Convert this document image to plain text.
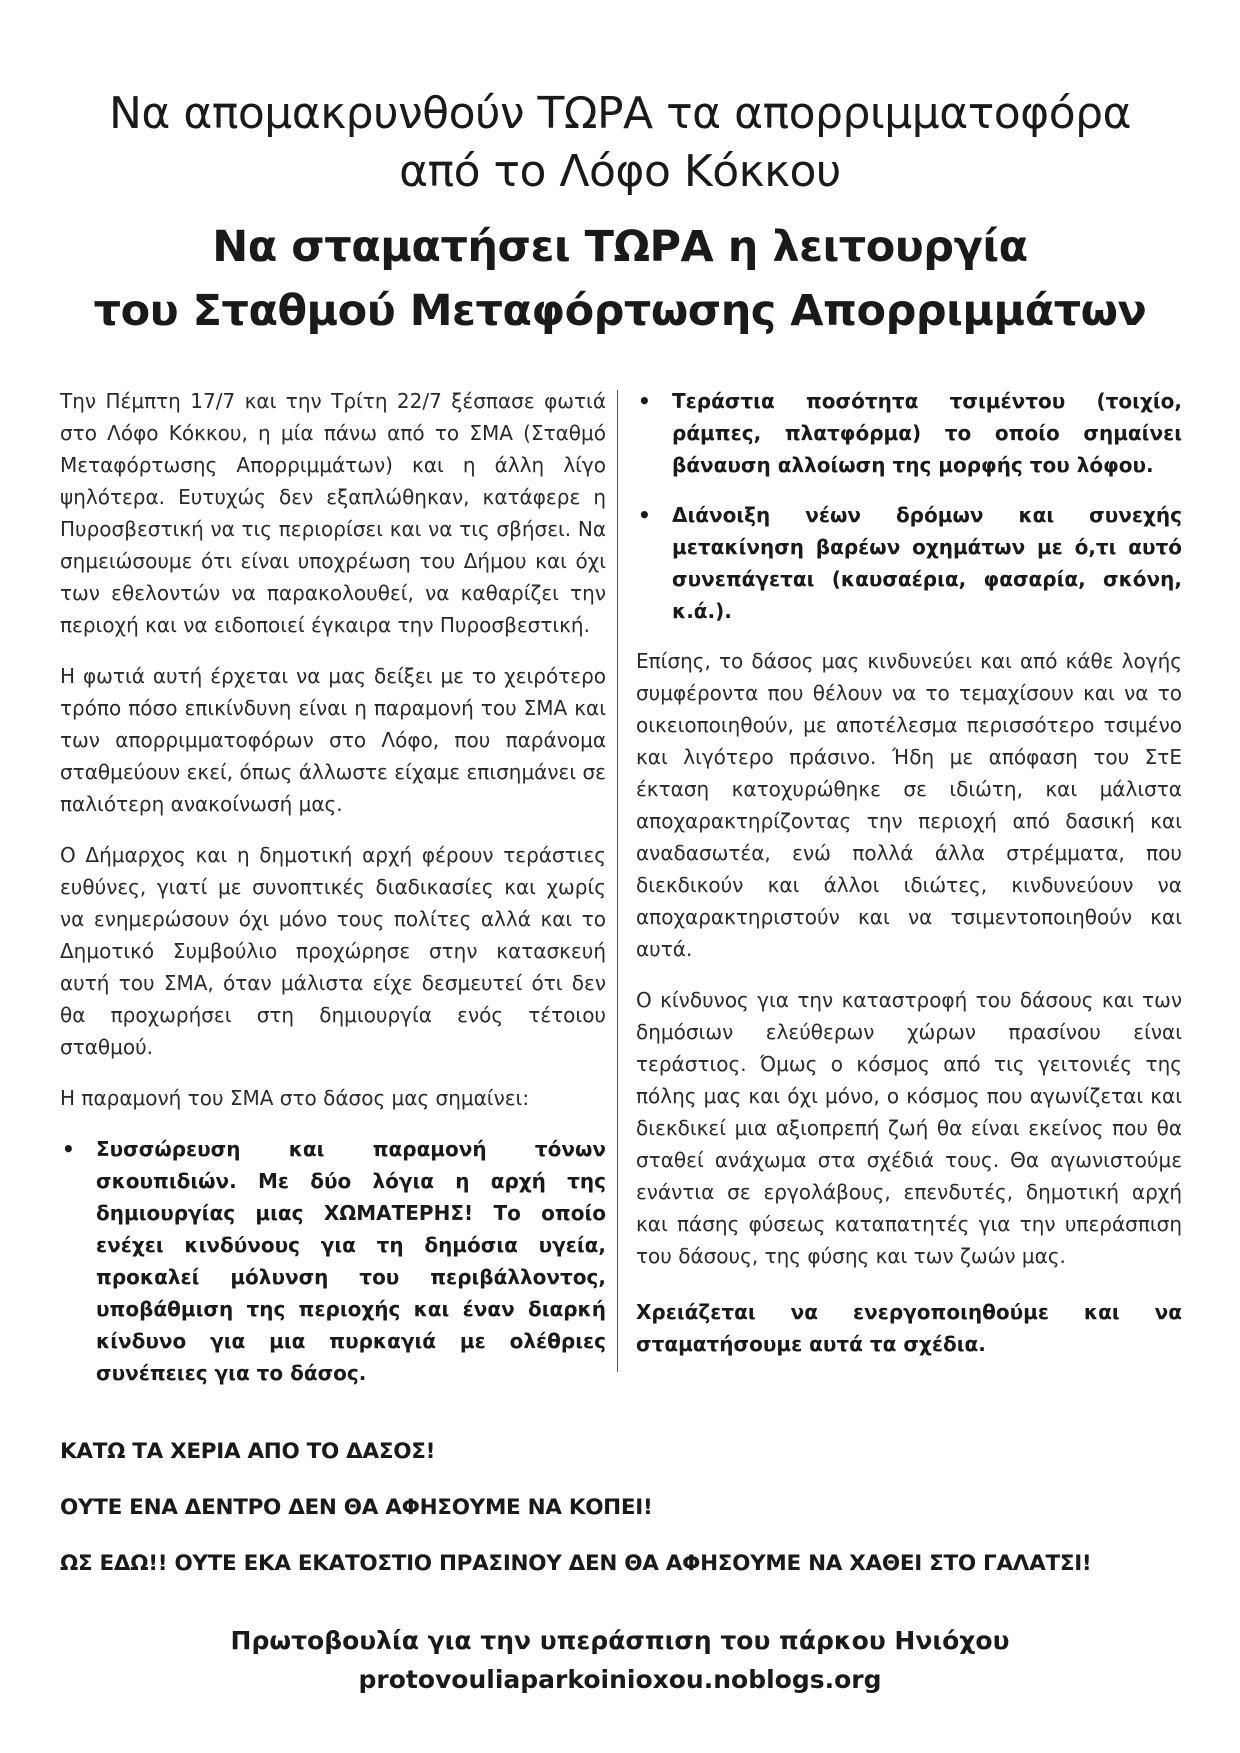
Να απομακρυνθούν ΤΩΡΑ τα απορριμματοφόρα
από το Λόφο Κόκκου
Να σταματήσει ΤΩΡΑ η λειτουργία
του Σταθμού Μεταφόρτωσης Απορριμμάτων

Την Πέμπτη 17/7 και την Τρίτη 22/7 ξέσπασε φωτιά στο Λόφο Κόκκου, η μία πάνω από το ΣΜΑ (Σταθμό Μεταφόρτωσης Απορριμμάτων) και η άλλη λίγο ψηλότερα. Ευτυχώς δεν εξαπλώθηκαν, κατάφερε η Πυροσβεστική να τις περιορίσει και να τις σβήσει. Να σημειώσουμε ότι είναι υποχρέωση του Δήμου και όχι των εθελοντών να παρακολουθεί, να καθαρίζει την περιοχή και να ειδοποιεί έγκαιρα την Πυροσβεστική.

Η φωτιά αυτή έρχεται να μας δείξει με το χειρότερο τρόπο πόσο επικίνδυνη είναι η παραμονή του ΣΜΑ και των απορριμματοφόρων στο Λόφο, που παράνομα σταθμεύουν εκεί, όπως άλλωστε είχαμε επισημάνει σε παλιότερη ανακοίνωσή μας.

Ο Δήμαρχος και η δημοτική αρχή φέρουν τεράστιες ευθύνες, γιατί με συνοπτικές διαδικασίες και χωρίς να ενημερώσουν όχι μόνο τους πολίτες αλλά και το Δημοτικό Συμβούλιο προχώρησε στην κατασκευή αυτή του ΣΜΑ, όταν μάλιστα είχε δεσμευτεί ότι δεν θα προχωρήσει στη δημιουργία ενός τέτοιου σταθμού.

Η παραμονή του ΣΜΑ στο δάσος μας σημαίνει:

• Συσσώρευση και παραμονή τόνων σκουπιδιών. Με δύο λόγια η αρχή της δημιουργίας μιας ΧΩΜΑΤΕΡΗΣ! Το οποίο ενέχει κινδύνους για τη δημόσια υγεία, προκαλεί μόλυνση του περιβάλλοντος, υποβάθμιση της περιοχής και έναν διαρκή κίνδυνο για μια πυρκαγιά με ολέθριες συνέπειες για το δάσος.
• Τεράστια ποσότητα τσιμέντου (τοιχίο, ράμπες, πλατφόρμα) το οποίο σημαίνει βάναυση αλλοίωση της μορφής του λόφου.
• Διάνοιξη νέων δρόμων και συνεχής μετακίνηση βαρέων οχημάτων με ό,τι αυτό συνεπάγεται (καυσαέρια, φασαρία, σκόνη, κ.ά.).

Επίσης, το δάσος μας κινδυνεύει και από κάθε λογής συμφέροντα που θέλουν να το τεμαχίσουν και να το οικειοποιηθούν, με αποτέλεσμα περισσότερο τσιμένο και λιγότερο πράσινο. Ήδη με απόφαση του ΣτΕ έκταση κατοχυρώθηκε σε ιδιώτη, και μάλιστα αποχαρακτηρίζοντας την περιοχή από δασική και αναδασωτέα, ενώ πολλά άλλα στρέμματα, που διεκδικούν και άλλοι ιδιώτες, κινδυνεύουν να αποχαρακτηριστούν και να τσιμεντοποιηθούν και αυτά.

Ο κίνδυνος για την καταστροφή του δάσους και των δημόσιων ελεύθερων χώρων πρασίνου είναι τεράστιος. Όμως ο κόσμος από τις γειτονιές της πόλης μας και όχι μόνο, ο κόσμος που αγωνίζεται και διεκδικεί μια αξιοπρεπή ζωή θα είναι εκείνος που θα σταθεί ανάχωμα στα σχέδιά τους. Θα αγωνιστούμε ενάντια σε εργολάβους, επενδυτές, δημοτική αρχή και πάσης φύσεως καταπατητές για την υπεράσπιση του δάσους, της φύσης και των ζωών μας.

Χρειάζεται να ενεργοποιηθούμε και να σταματήσουμε αυτά τα σχέδια.

ΚΑΤΩ ΤΑ ΧΕΡΙΑ ΑΠΟ ΤΟ ΔΑΣΟΣ!

ΟΥΤΕ ΕΝΑ ΔΕΝΤΡΟ ΔΕΝ ΘΑ ΑΦΗΣΟΥΜΕ ΝΑ ΚΟΠΕΙ!

ΩΣ ΕΔΩ!! ΟΥΤΕ ΕΚΑ ΕΚΑΤΟΣΤΙΟ ΠΡΑΣΙΝΟΥ ΔΕΝ ΘΑ ΑΦΗΣΟΥΜΕ ΝΑ ΧΑΘΕΙ ΣΤΟ ΓΑΛΑΤΣΙ!

Πρωτοβουλία για την υπεράσπιση του πάρκου Ηνιόχου

protovouliaparkoinioxou.noblogs.org
